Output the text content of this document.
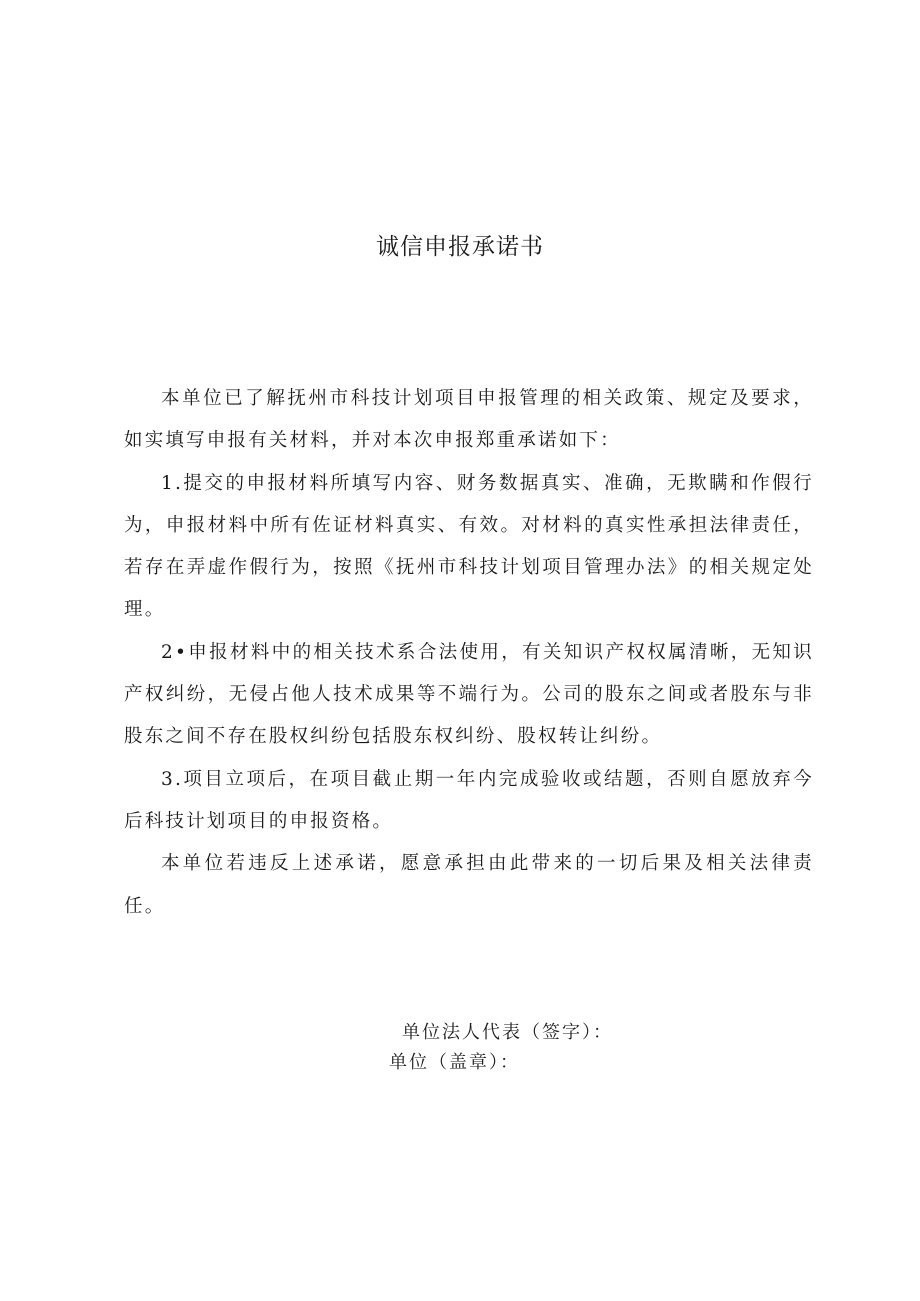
诚信申报承诺书

本单位已了解抚州市科技计划项目申报管理的相关政策、规定及要求，如实填写申报有关材料，并对本次申报郑重承诺如下：

1.提交的申报材料所填写内容、财务数据真实、准确，无欺瞒和作假行为，申报材料中所有佐证材料真实、有效。对材料的真实性承担法律责任，若存在弄虚作假行为，按照《抚州市科技计划项目管理办法》的相关规定处理。

2•申报材料中的相关技术系合法使用，有关知识产权权属清晰，无知识产权纠纷，无侵占他人技术成果等不端行为。公司的股东之间或者股东与非股东之间不存在股权纠纷包括股东权纠纷、股权转让纠纷。

3.项目立项后，在项目截止期一年内完成验收或结题，否则自愿放弃今后科技计划项目的申报资格。

本单位若违反上述承诺，愿意承担由此带来的一切后果及相关法律责任。

单位法人代表（签字）：
单位（盖章）：
